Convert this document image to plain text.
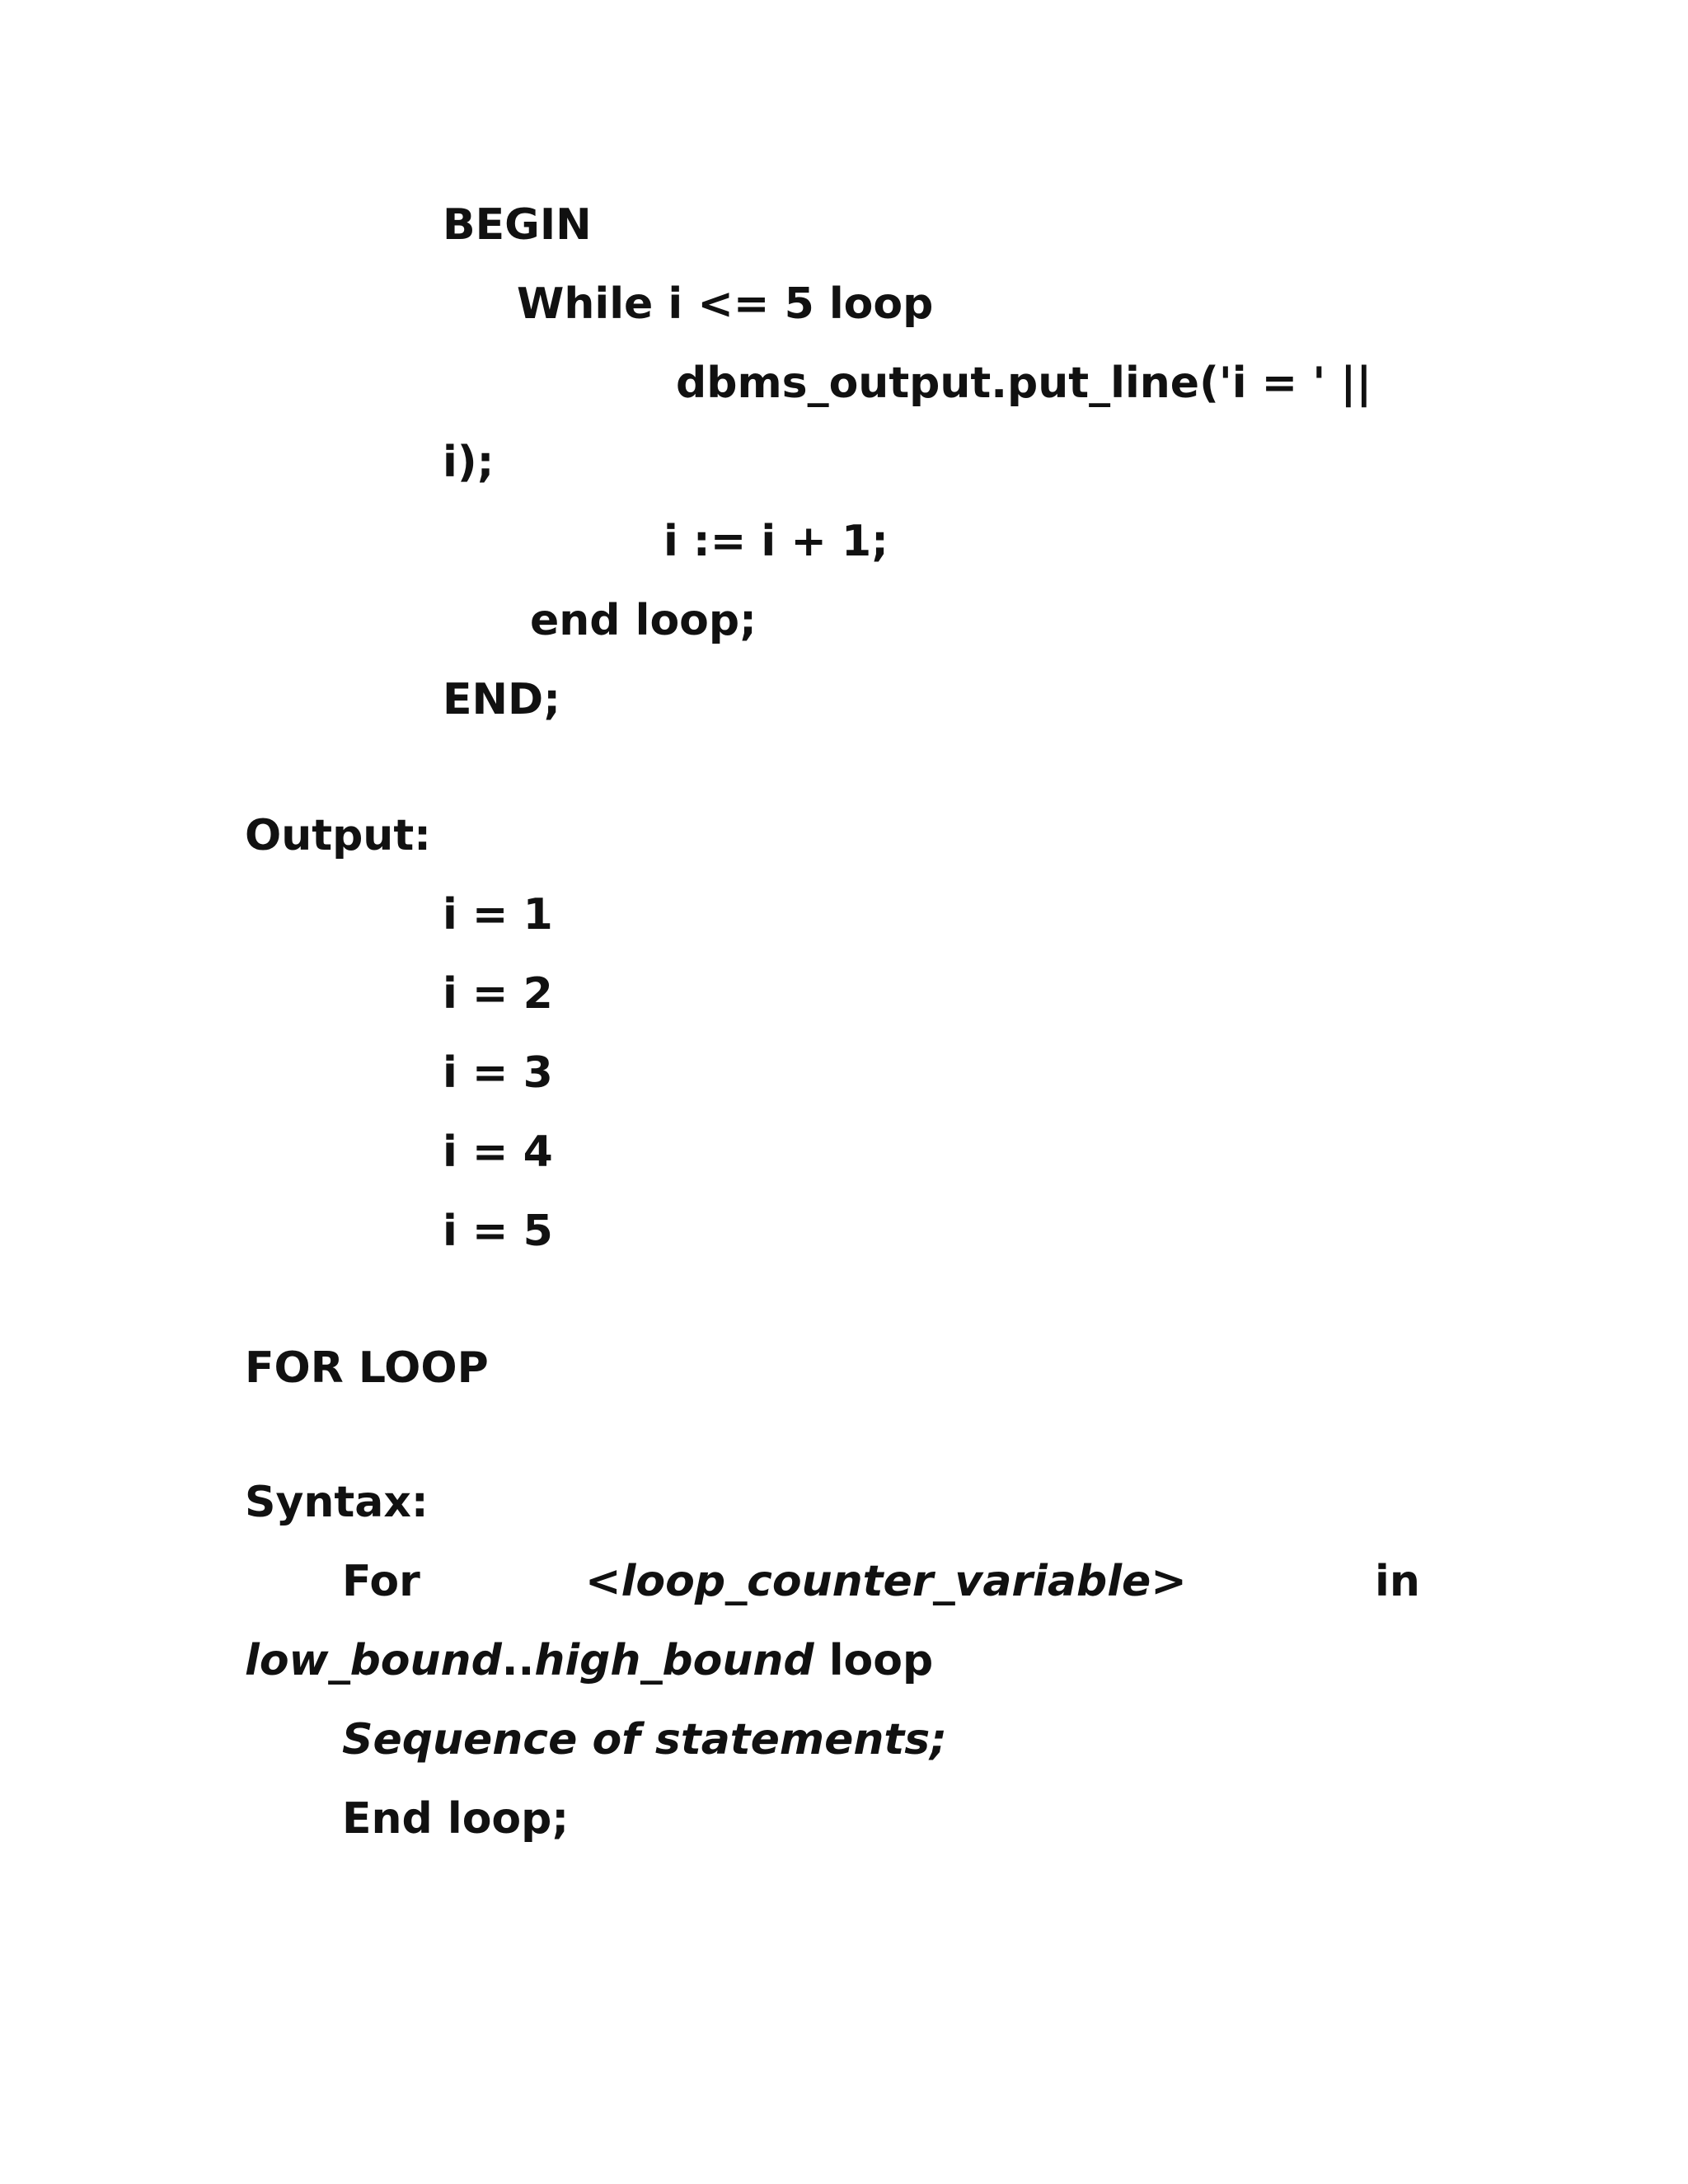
BEGIN
While i <= 5 loop
dbms_output.put_line('i = ' ||
i);
i := i + 1;
end loop;
END;
Output:
i = 1
i = 2
i = 3
i = 4
i = 5
FOR LOOP
Syntax:
For	<loop_counter_variable>	in
low_bound..high_bound loop
Sequence of statements;
End loop;
